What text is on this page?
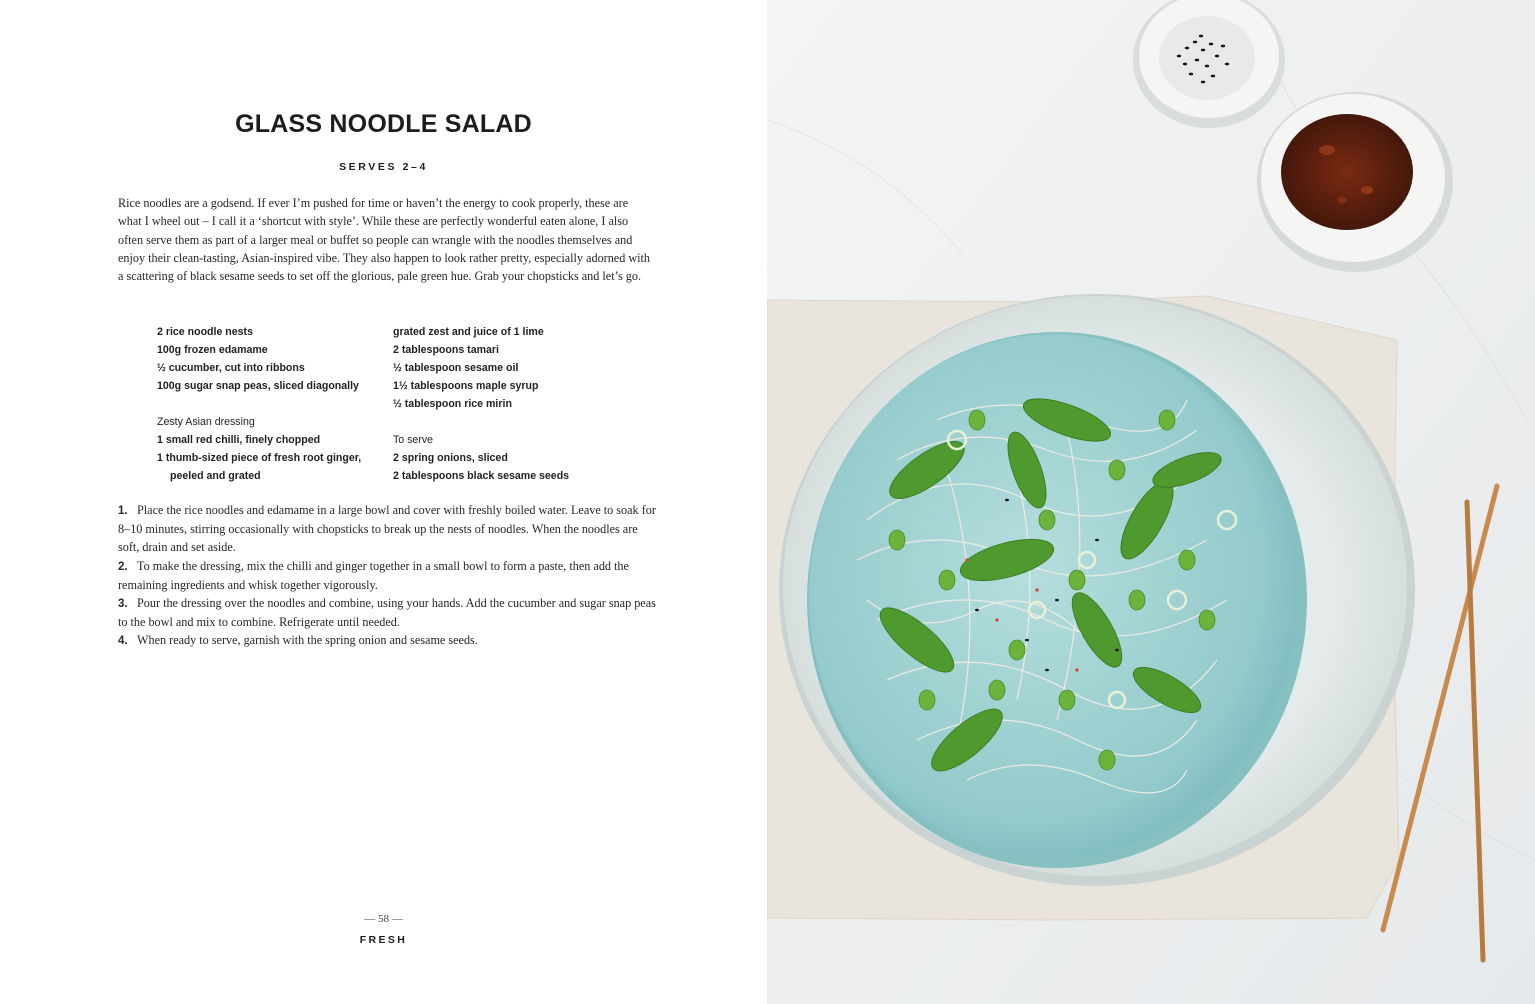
GLASS NOODLE SALAD
SERVES 2–4

Rice noodles are a godsend. If ever I’m pushed for time or haven’t the energy to cook properly, these are what I wheel out – I call it a ‘shortcut with style’. While these are perfectly wonderful eaten alone, I also often serve them as part of a larger meal or buffet so people can wrangle with the noodles themselves and enjoy their clean-tasting, Asian-inspired vibe. They also happen to look rather pretty, especially adorned with a scattering of black sesame seeds to set off the glorious, pale green hue. Grab your chopsticks and let’s go.

2 rice noodle nests
100g frozen edamame
½ cucumber, cut into ribbons
100g sugar snap peas, sliced diagonally
Zesty Asian dressing
1 small red chilli, finely chopped
1 thumb-sized piece of fresh root ginger,
peeled and grated
grated zest and juice of 1 lime
2 tablespoons tamari
½ tablespoon sesame oil
1½ tablespoons maple syrup
½ tablespoon rice mirin
To serve
2 spring onions, sliced
2 tablespoons black sesame seeds
1. Place the rice noodles and edamame in a large bowl and cover with freshly boiled water. Leave to soak for 8–10 minutes, stirring occasionally with chopsticks to break up the nests of noodles. When the noodles are soft, drain and set aside.
2. To make the dressing, mix the chilli and ginger together in a small bowl to form a paste, then add the remaining ingredients and whisk together vigorously.
3. Pour the dressing over the noodles and combine, using your hands. Add the cucumber and sugar snap peas to the bowl and mix to combine. Refrigerate until needed.
4. When ready to serve, garnish with the spring onion and sesame seeds.
— 58 —
FRESH
